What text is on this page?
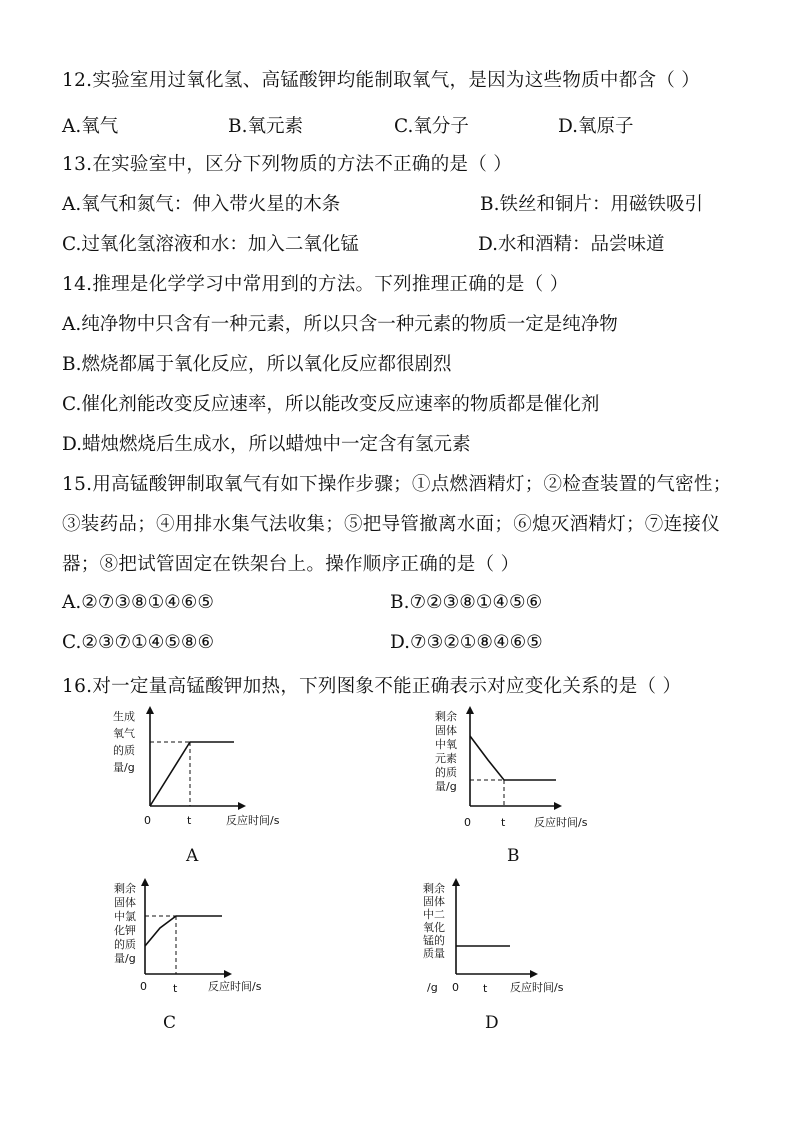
12.实验室用过氧化氢、高锰酸钾均能制取氧气，是因为这些物质中都含（ ）
A.氧气	B.氧元素	C.氧分子	D.氧原子
13.在实验室中，区分下列物质的方法不正确的是（ ）
A.氧气和氮气：伸入带火星的木条	B.铁丝和铜片：用磁铁吸引
C.过氧化氢溶液和水：加入二氧化锰	D.水和酒精：品尝味道
14.推理是化学学习中常用到的方法。下列推理正确的是（ ）
A.纯净物中只含有一种元素，所以只含一种元素的物质一定是纯净物
B.燃烧都属于氧化反应，所以氧化反应都很剧烈
C.催化剂能改变反应速率，所以能改变反应速率的物质都是催化剂
D.蜡烛燃烧后生成水，所以蜡烛中一定含有氢元素
15.用高锰酸钾制取氧气有如下操作步骤；①点燃酒精灯；②检查装置的气密性；
③装药品；④用排水集气法收集；⑤把导管撤离水面；⑥熄灭酒精灯；⑦连接仪
器；⑧把试管固定在铁架台上。操作顺序正确的是（ ）
A.②⑦③⑧①④⑥⑤	B.⑦②③⑧①④⑤⑥
C.②③⑦①④⑤⑧⑥	D.⑦③②①⑧④⑥⑤
16.对一定量高锰酸钾加热，下列图象不能正确表示对应变化关系的是（ ）
生成
氧气
的质
量/g
0	t	反应时间/s
A
剩余
固体
中氧
元素
的质
量/g
0	t	反应时间/s
B
剩余
固体
中氯
化钾
的质
量/g
0 t	反应时间/s
C
剩余
固体
中二
氧化
锰的
质量
/g 0 t 反应时间/s
D
